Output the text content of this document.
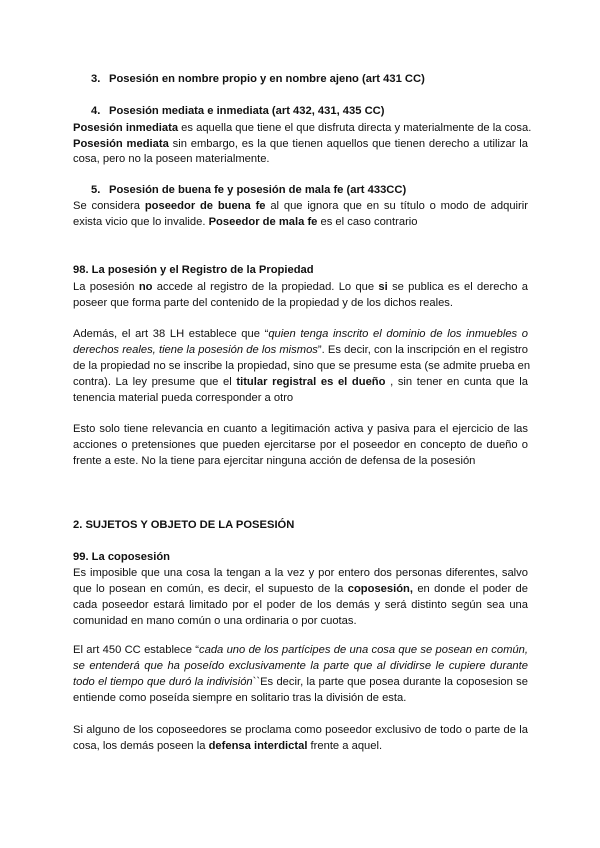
3. Posesión en nombre propio y en nombre ajeno (art 431 CC)
4. Posesión mediata e inmediata (art 432, 431, 435 CC)
Posesión inmediata es aquella que tiene el que disfruta directa y materialmente de la cosa.
Posesión mediata sin embargo, es la que tienen aquellos que tienen derecho a utilizar la
cosa, pero no la poseen materialmente.
5. Posesión de buena fe y posesión de mala fe (art 433CC)
Se considera poseedor de buena fe al que ignora que en su título o modo de adquirir
exista vicio que lo invalide. Poseedor de mala fe es el caso contrario
98. La posesión y el Registro de la Propiedad
La posesión no accede al registro de la propiedad. Lo que si se publica es el derecho a
poseer que forma parte del contenido de la propiedad y de los dichos reales.
Además, el art 38 LH establece que “quien tenga inscrito el dominio de los inmuebles o
derechos reales, tiene la posesión de los mismos”. Es decir, con la inscripción en el registro
de la propiedad no se inscribe la propiedad, sino que se presume esta (se admite prueba en
contra). La ley presume que el titular registral es el dueño , sin tener en cunta que la
tenencia material pueda corresponder a otro
Esto solo tiene relevancia en cuanto a legitimación activa y pasiva para el ejercicio de las
acciones o pretensiones que pueden ejercitarse por el poseedor en concepto de dueño o
frente a este. No la tiene para ejercitar ninguna acción de defensa de la posesión
2. SUJETOS Y OBJETO DE LA POSESIÓN
99. La coposesión
Es imposible que una cosa la tengan a la vez y por entero dos personas diferentes, salvo
que lo posean en común, es decir, el supuesto de la coposesión, en donde el poder de
cada poseedor estará limitado por el poder de los demás y será distinto según sea una
comunidad en mano común o una ordinaria o por cuotas.
El art 450 CC establece “cada uno de los partícipes de una cosa que se posean en común,
se entenderá que ha poseído exclusivamente la parte que al dividirse le cupiere durante
todo el tiempo que duró la indivisión``Es decir, la parte que posea durante la coposesion se
entiende como poseída siempre en solitario tras la división de esta.
Si alguno de los coposeedores se proclama como poseedor exclusivo de todo o parte de la
cosa, los demás poseen la defensa interdictal frente a aquel.
